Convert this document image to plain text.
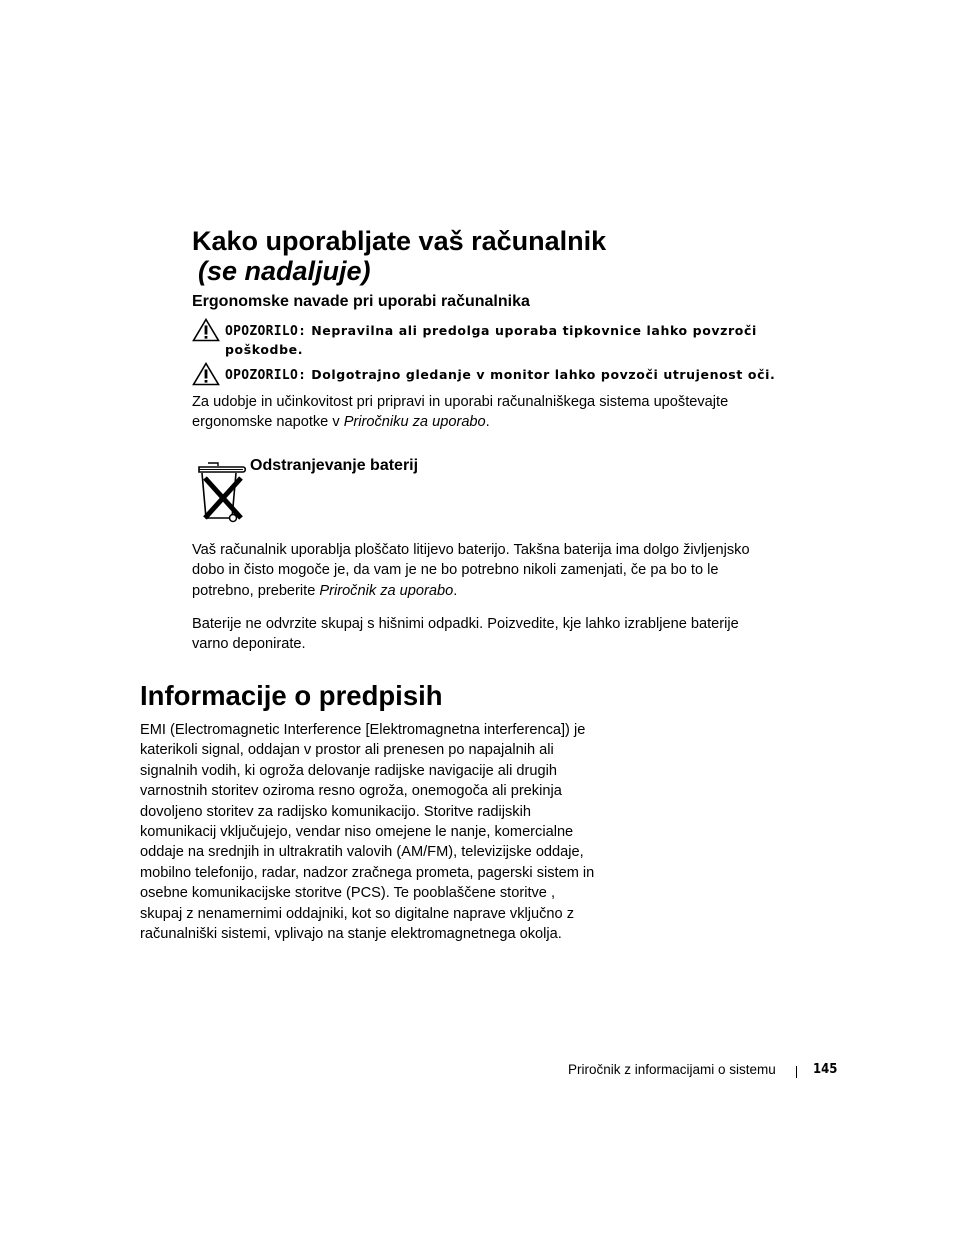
Kako uporabljate vaš računalnik
(se nadaljuje)
Ergonomske navade pri uporabi računalnika
OPOZORILO: Nepravilna ali predolga uporaba tipkovnice lahko povzroči
poškodbe.
OPOZORILO: Dolgotrajno gledanje v monitor lahko povzoči utrujenost oči.
Za udobje in učinkovitost pri pripravi in uporabi računalniškega sistema upoštevajte
ergonomske napotke v Priročniku za uporabo.
Odstranjevanje baterij
Vaš računalnik uporablja ploščato litijevo baterijo. Takšna baterija ima dolgo življenjsko
dobo in čisto mogoče je, da vam je ne bo potrebno nikoli zamenjati, če pa bo to le
potrebno, preberite Priročnik za uporabo.
Baterije ne odvrzite skupaj s hišnimi odpadki. Poizvedite, kje lahko izrabljene baterije
varno deponirate.
Informacije o predpisih
EMI (Electromagnetic Interference [Elektromagnetna interferenca]) je
katerikoli signal, oddajan v prostor ali prenesen po napajalnih ali
signalnih vodih, ki ogroža delovanje radijske navigacije ali drugih
varnostnih storitev oziroma resno ogroža, onemogoča ali prekinja
dovoljeno storitev za radijsko komunikacijo. Storitve radijskih
komunikacij vključujejo, vendar niso omejene le nanje, komercialne
oddaje na srednjih in ultrakratih valovih (AM/FM), televizijske oddaje,
mobilno telefonijo, radar, nadzor zračnega prometa, pagerski sistem in
osebne komunikacijske storitve (PCS). Te pooblaščene storitve ,
skupaj z nenamernimi oddajniki, kot so digitalne naprave vključno z
računalniški sistemi, vplivajo na stanje elektromagnetnega okolja.
Priročnik z informacijami o sistemu	145
